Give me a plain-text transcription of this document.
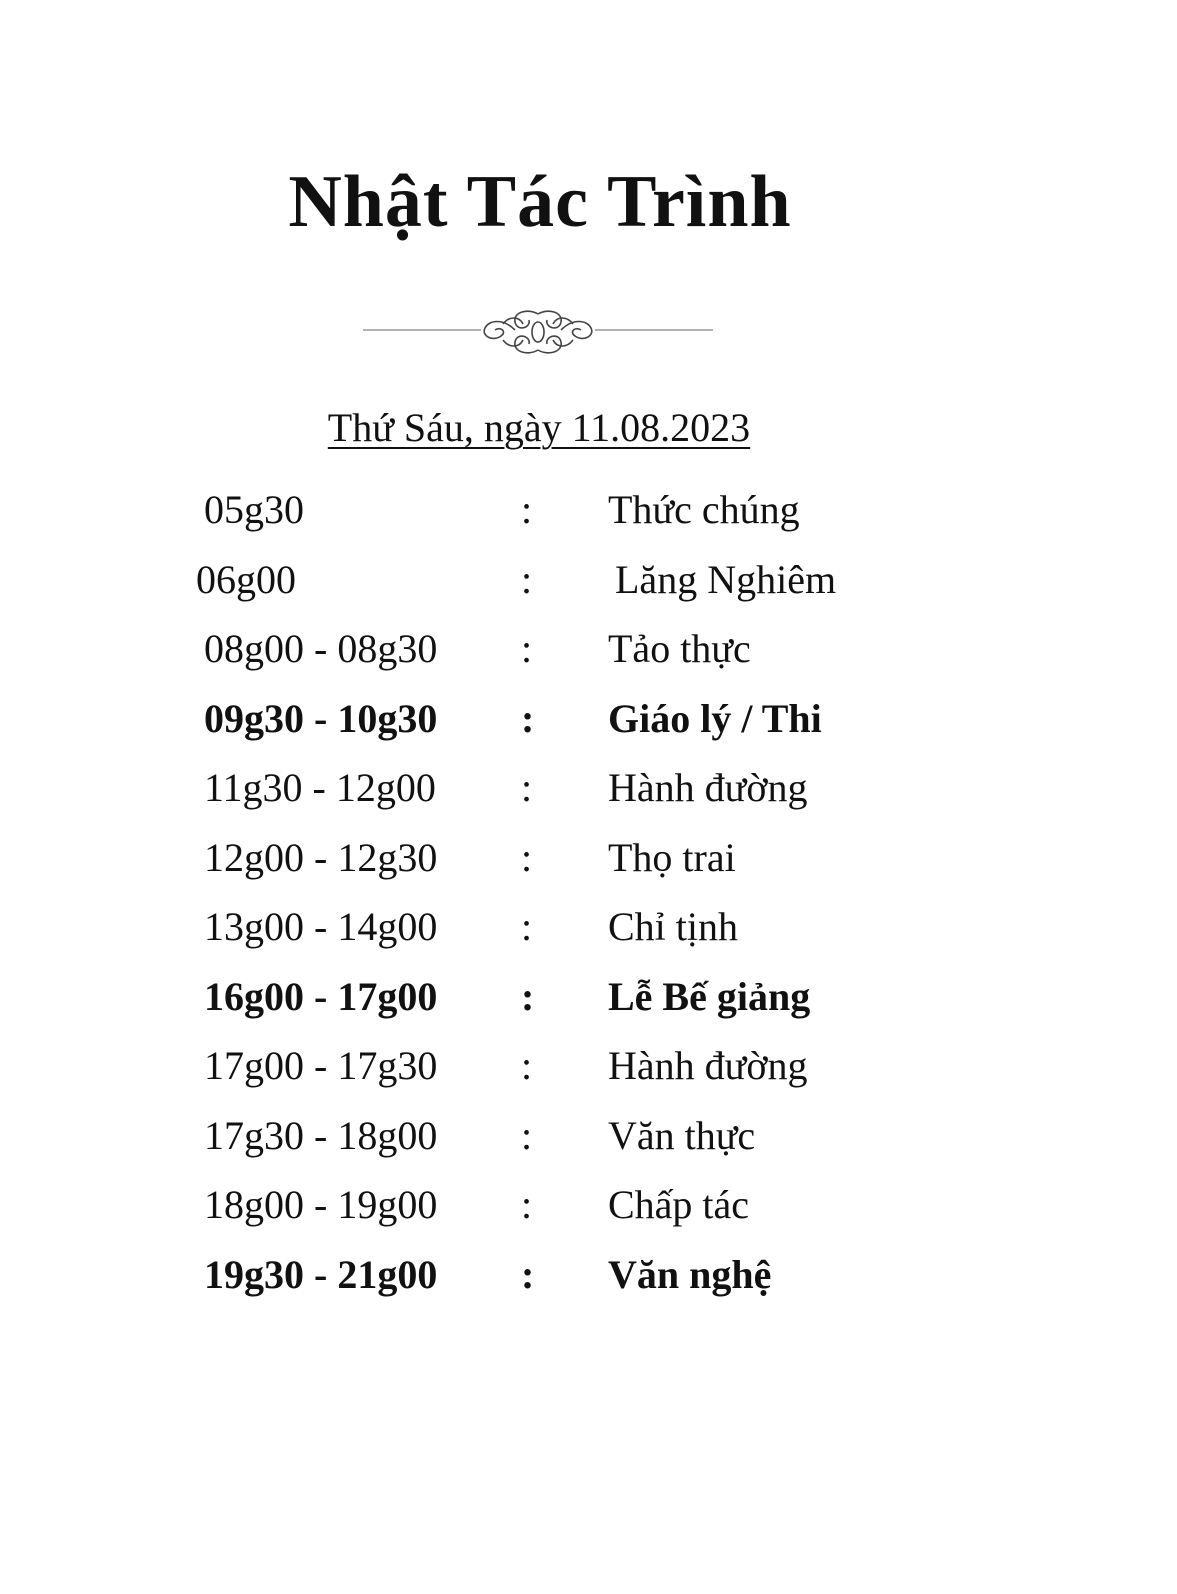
Nhật Tác Trình

Thứ Sáu, ngày 11.08.2023

05g30	: Thức chúng
06g00	: Lăng Nghiêm
08g00 - 08g30 : Tảo thực
09g30 - 10g30 : Giáo lý / Thi
11g30 - 12g00 : Hành đường
12g00 - 12g30 : Thọ trai
13g00 - 14g00 : Chỉ tịnh
16g00 - 17g00 : Lễ Bế giảng
17g00 - 17g30 : Hành đường
17g30 - 18g00 : Văn thực
18g00 - 19g00 : Chấp tác
19g30 - 21g00 : Văn nghệ
